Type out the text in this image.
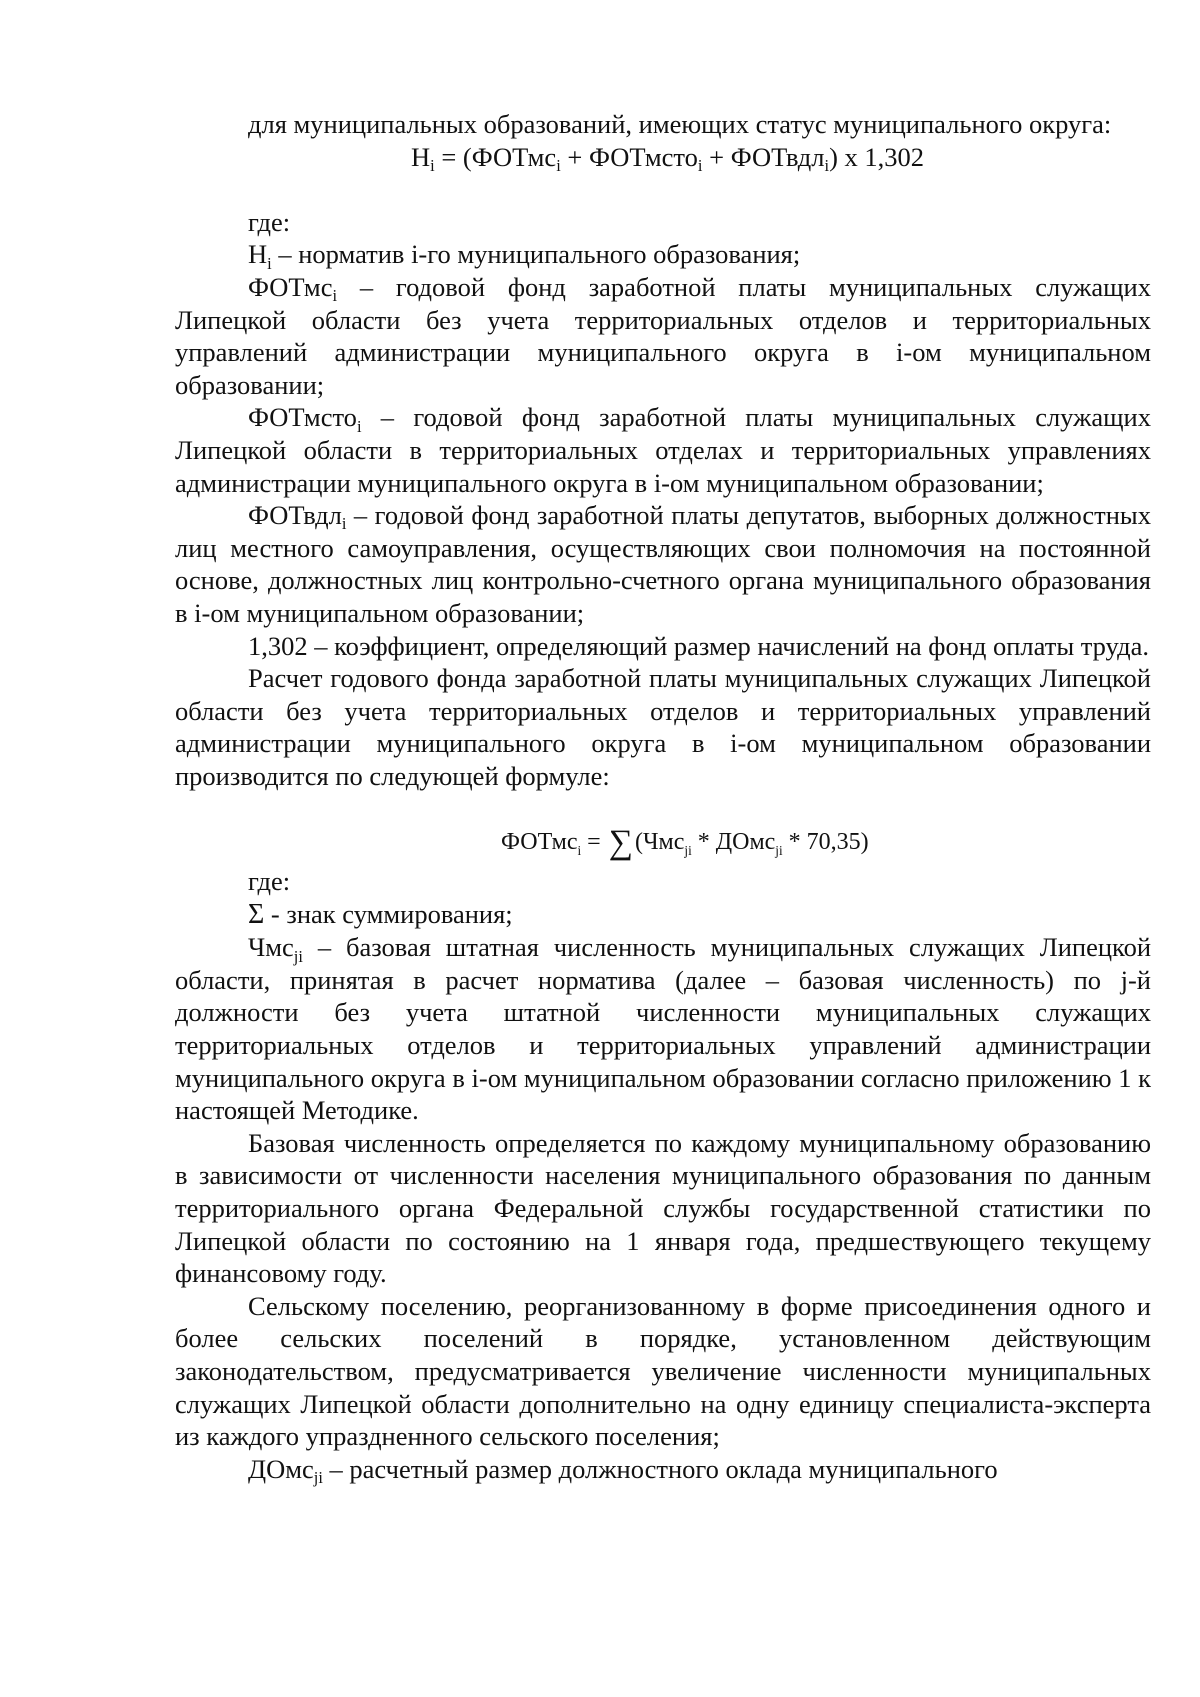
для муниципальных образований, имеющих статус муниципального округа:

$Н_i$ = (ФОТмс$_i$ + ФОТмсто$_i$ + ФОТвдл$_i$) х 1,302

где:

$Н_i$ – норматив i-го муниципального образования;

ФОТмс$_i$ – годовой фонд заработной платы муниципальных служащих Липецкой области без учета территориальных отделов и территориальных управлений администрации муниципального округа в i-ом муниципальном образовании;

ФОТмсто$_i$ – годовой фонд заработной платы муниципальных служащих Липецкой области в территориальных отделах и территориальных управлениях администрации муниципального округа в i-ом муниципальном образовании;

ФОТвдл$_i$ – годовой фонд заработной платы депутатов, выборных должностных лиц местного самоуправления, осуществляющих свои полномочия на постоянной основе, должностных лиц контрольно-счетного органа муниципального образования в i-ом муниципальном образовании;

1,302 – коэффициент, определяющий размер начислений на фонд оплаты труда.

Расчет годового фонда заработной платы муниципальных служащих Липецкой области без учета территориальных отделов и территориальных управлений администрации муниципального округа в i-ом муниципальном образовании производится по следующей формуле:

ФОТмс$_i$ = ∑(Чмс$_{ji}$ * ДОмс$_{ji}$ * 70,35)

где:

Σ - знак суммирования;

Чмс$_{ji}$ – базовая штатная численность муниципальных служащих Липецкой области, принятая в расчет норматива (далее – базовая численность) по j-й должности без учета штатной численности муниципальных служащих территориальных отделов и территориальных управлений администрации муниципального округа в i-ом муниципальном образовании согласно приложению 1 к настоящей Методике.

Базовая численность определяется по каждому муниципальному образованию в зависимости от численности населения муниципального образования по данным территориального органа Федеральной службы государственной статистики по Липецкой области по состоянию на 1 января года, предшествующего текущему финансовому году.

Сельскому поселению, реорганизованному в форме присоединения одного и более сельских поселений в порядке, установленном действующим законодательством, предусматривается увеличение численности муниципальных служащих Липецкой области дополнительно на одну единицу специалиста-эксперта из каждого упраздненного сельского поселения;

ДОмс$_{ji}$ – расчетный размер должностного оклада муниципального
